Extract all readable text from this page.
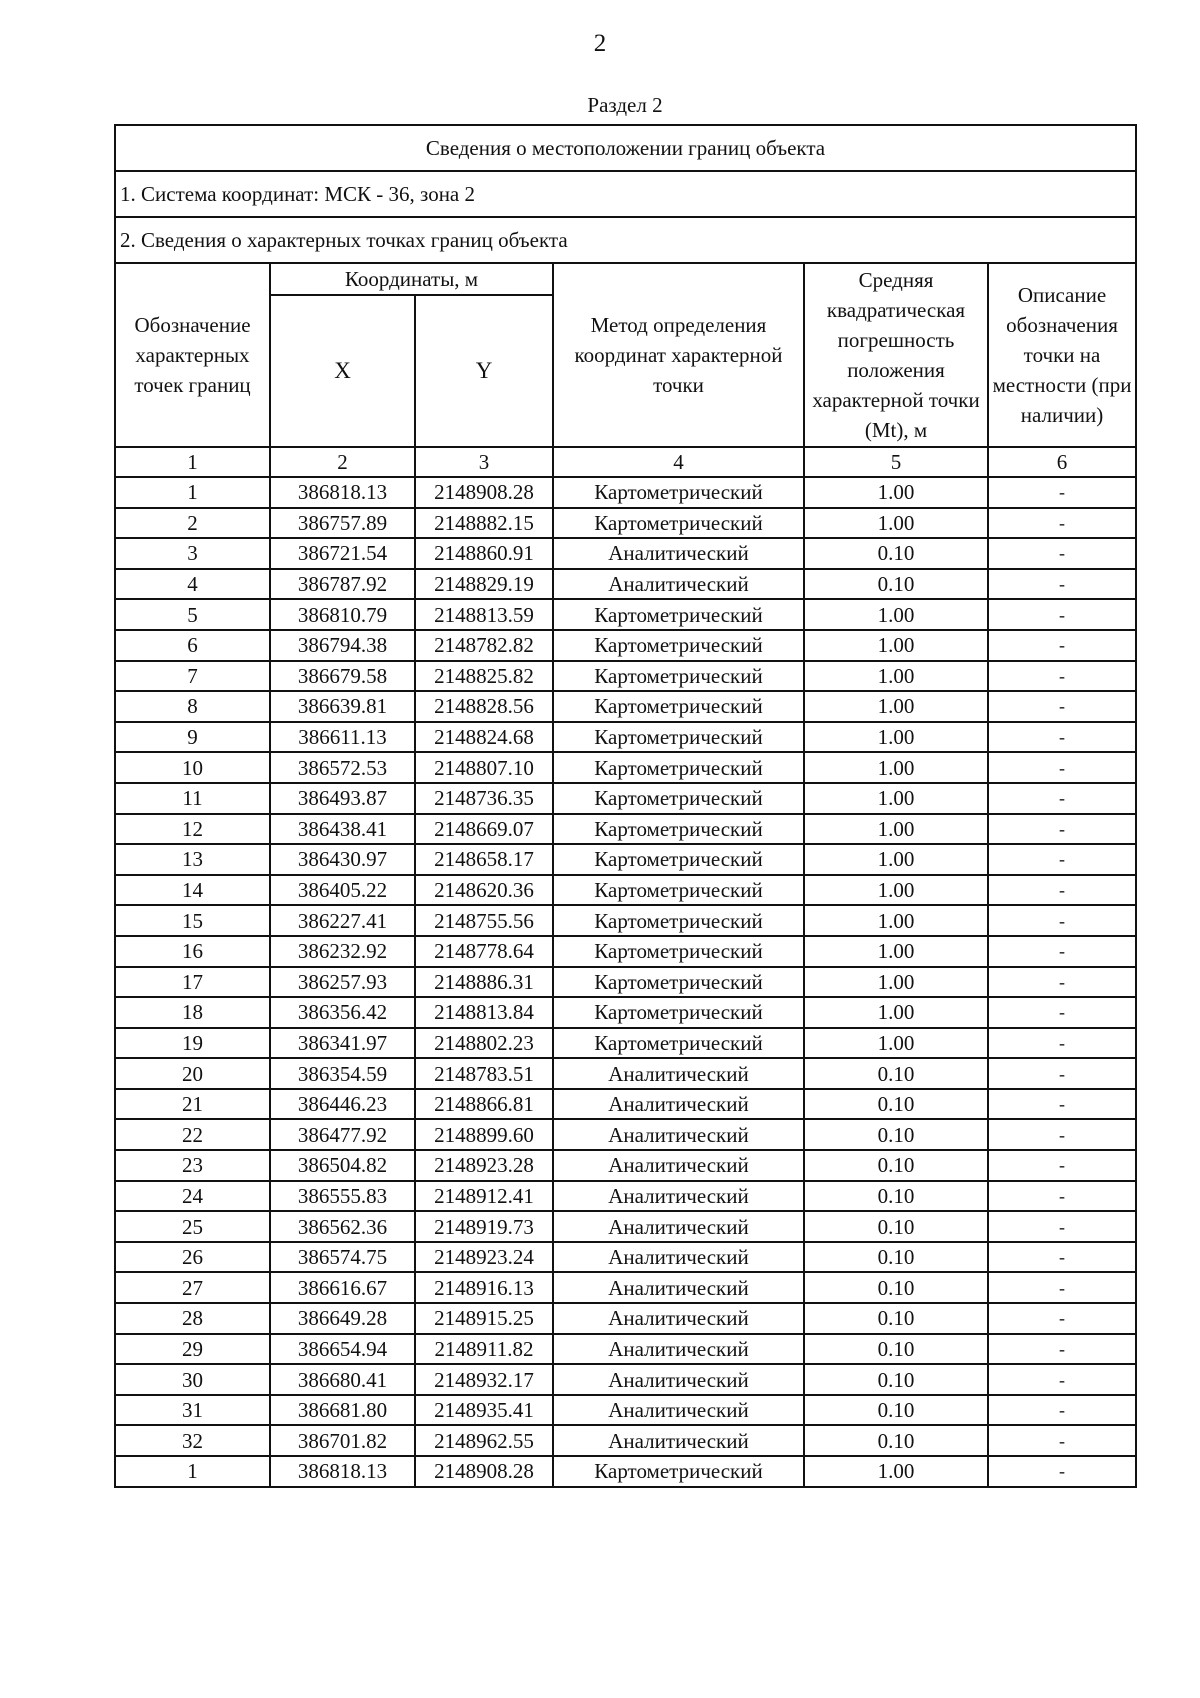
2
Раздел 2
Сведения о местоположении границ объекта					
1. Система координат: МСК - 36, зона 2					
2. Сведения о характерных точках границ объекта					
Обозначение характерных точек границ	Координаты, м		Метод определения координат характерной точки	Средняя квадратическая погрешность положения характерной точки (Mt), м	Описание обозначения точки на местности (при наличии)
	X	Y			
1	2	3	4	5	6
1	386818.13	2148908.28	Картометрический	1.00	-
2	386757.89	2148882.15	Картометрический	1.00	-
3	386721.54	2148860.91	Аналитический	0.10	-
4	386787.92	2148829.19	Аналитический	0.10	-
5	386810.79	2148813.59	Картометрический	1.00	-
6	386794.38	2148782.82	Картометрический	1.00	-
7	386679.58	2148825.82	Картометрический	1.00	-
8	386639.81	2148828.56	Картометрический	1.00	-
9	386611.13	2148824.68	Картометрический	1.00	-
10	386572.53	2148807.10	Картометрический	1.00	-
11	386493.87	2148736.35	Картометрический	1.00	-
12	386438.41	2148669.07	Картометрический	1.00	-
13	386430.97	2148658.17	Картометрический	1.00	-
14	386405.22	2148620.36	Картометрический	1.00	-
15	386227.41	2148755.56	Картометрический	1.00	-
16	386232.92	2148778.64	Картометрический	1.00	-
17	386257.93	2148886.31	Картометрический	1.00	-
18	386356.42	2148813.84	Картометрический	1.00	-
19	386341.97	2148802.23	Картометрический	1.00	-
20	386354.59	2148783.51	Аналитический	0.10	-
21	386446.23	2148866.81	Аналитический	0.10	-
22	386477.92	2148899.60	Аналитический	0.10	-
23	386504.82	2148923.28	Аналитический	0.10	-
24	386555.83	2148912.41	Аналитический	0.10	-
25	386562.36	2148919.73	Аналитический	0.10	-
26	386574.75	2148923.24	Аналитический	0.10	-
27	386616.67	2148916.13	Аналитический	0.10	-
28	386649.28	2148915.25	Аналитический	0.10	-
29	386654.94	2148911.82	Аналитический	0.10	-
30	386680.41	2148932.17	Аналитический	0.10	-
31	386681.80	2148935.41	Аналитический	0.10	-
32	386701.82	2148962.55	Аналитический	0.10	-
1	386818.13	2148908.28	Картометрический	1.00	-
